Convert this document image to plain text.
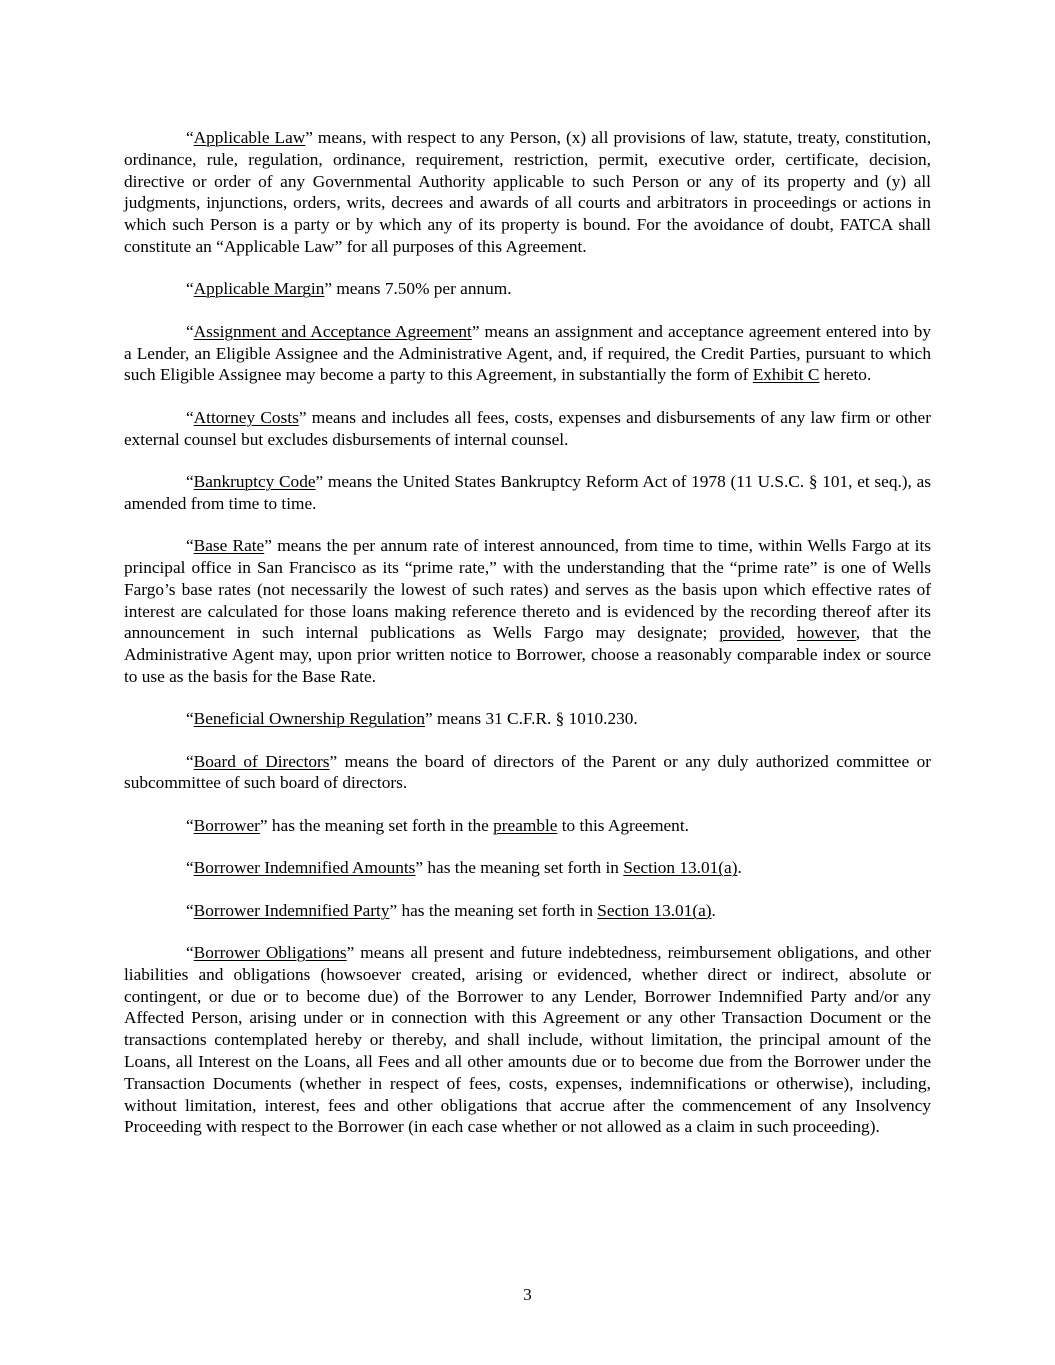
“Applicable Law” means, with respect to any Person, (x) all provisions of law, statute, treaty, constitution, ordinance, rule, regulation, ordinance, requirement, restriction, permit, executive order, certificate, decision, directive or order of any Governmental Authority applicable to such Person or any of its property and (y) all judgments, injunctions, orders, writs, decrees and awards of all courts and arbitrators in proceedings or actions in which such Person is a party or by which any of its property is bound. For the avoidance of doubt, FATCA shall constitute an “Applicable Law” for all purposes of this Agreement.

“Applicable Margin” means 7.50% per annum.

“Assignment and Acceptance Agreement” means an assignment and acceptance agreement entered into by a Lender, an Eligible Assignee and the Administrative Agent, and, if required, the Credit Parties, pursuant to which such Eligible Assignee may become a party to this Agreement, in substantially the form of Exhibit C hereto.

“Attorney Costs” means and includes all fees, costs, expenses and disbursements of any law firm or other external counsel but excludes disbursements of internal counsel.

“Bankruptcy Code” means the United States Bankruptcy Reform Act of 1978 (11 U.S.C. § 101, et seq.), as amended from time to time.

“Base Rate” means the per annum rate of interest announced, from time to time, within Wells Fargo at its principal office in San Francisco as its “prime rate,” with the understanding that the “prime rate” is one of Wells Fargo’s base rates (not necessarily the lowest of such rates) and serves as the basis upon which effective rates of interest are calculated for those loans making reference thereto and is evidenced by the recording thereof after its announcement in such internal publications as Wells Fargo may designate; provided, however, that the Administrative Agent may, upon prior written notice to Borrower, choose a reasonably comparable index or source to use as the basis for the Base Rate.

“Beneficial Ownership Regulation” means 31 C.F.R. § 1010.230.

“Board of Directors” means the board of directors of the Parent or any duly authorized committee or subcommittee of such board of directors.

“Borrower” has the meaning set forth in the preamble to this Agreement.

“Borrower Indemnified Amounts” has the meaning set forth in Section 13.01(a).

“Borrower Indemnified Party” has the meaning set forth in Section 13.01(a).

“Borrower Obligations” means all present and future indebtedness, reimbursement obligations, and other liabilities and obligations (howsoever created, arising or evidenced, whether direct or indirect, absolute or contingent, or due or to become due) of the Borrower to any Lender, Borrower Indemnified Party and/or any Affected Person, arising under or in connection with this Agreement or any other Transaction Document or the transactions contemplated hereby or thereby, and shall include, without limitation, the principal amount of the Loans, all Interest on the Loans, all Fees and all other amounts due or to become due from the Borrower under the Transaction Documents (whether in respect of fees, costs, expenses, indemnifications or otherwise), including, without limitation, interest, fees and other obligations that accrue after the commencement of any Insolvency Proceeding with respect to the Borrower (in each case whether or not allowed as a claim in such proceeding).

3
